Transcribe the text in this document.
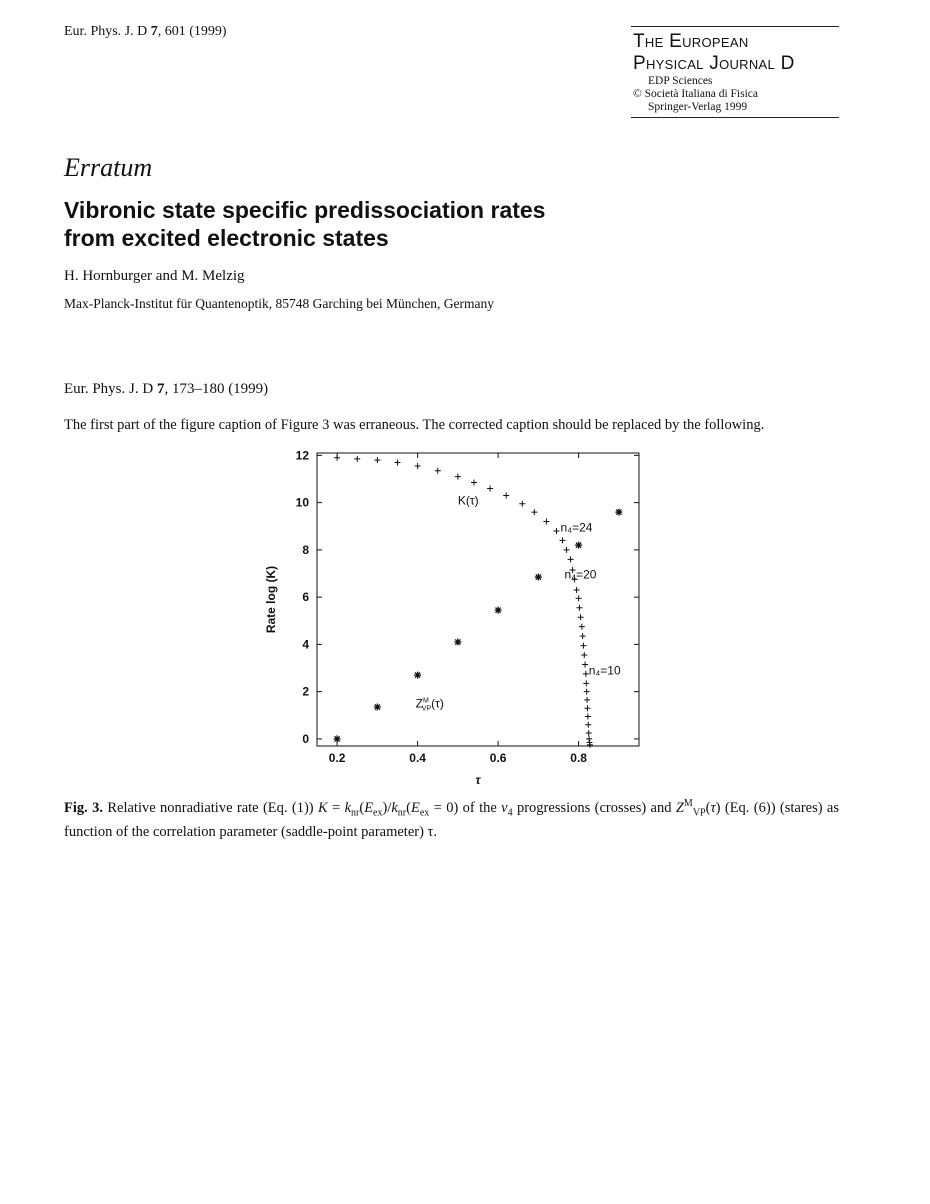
Eur. Phys. J. D 7, 601 (1999)	The European
Physical Journal D
EDP Sciences
© Società Italiana di Fisica
Springer-Verlag 1999
Erratum
Vibronic state specific predissociation rates
from excited electronic states
H. Hornburger and M. Melzig
Max-Planck-Institut für Quantenoptik, 85748 Garching bei München, Germany
Eur. Phys. J. D 7, 173–180 (1999)
The first part of the figure caption of Figure 3 was erraneous. The corrected caption should be replaced by the following.
0.2	0.4	0.6	0.8
0
2
4
6
8
10
12
τ
Rate log (K)
K(τ)
n₄=24
n₄=20
n₄=10
$Z^M$ VP(τ)
Fig. 3. Relative nonradiative rate (Eq. (1)) $K = k_{nr}(E_{ex})/k_{nr}(E_{ex} = 0)$ of the $\nu_4$ progressions (crosses) and $Z^M_{VP}(\tau)$ (Eq. (6)) (stares) as function of the correlation parameter (saddle-point parameter) τ.
